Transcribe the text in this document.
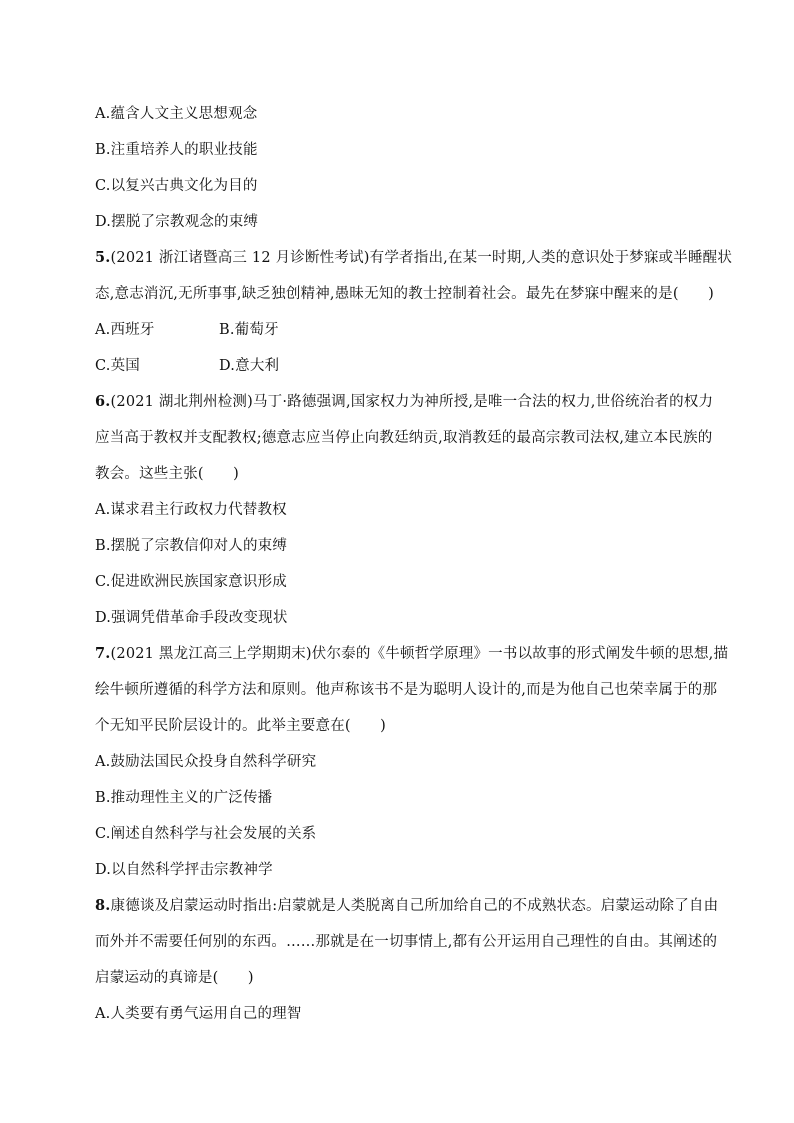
A.蕴含人文主义思想观念
B.注重培养人的职业技能
C.以复兴古典文化为目的
D.摆脱了宗教观念的束缚
5.(2021 浙江诸暨高三 12 月诊断性考试)有学者指出,在某一时期,人类的意识处于梦寐或半睡醒状
态,意志消沉,无所事事,缺乏独创精神,愚昧无知的教士控制着社会。最先在梦寐中醒来的是(　　)
A.西班牙	B.葡萄牙
C.英国	D.意大利
6.(2021 湖北荆州检测)马丁·路德强调,国家权力为神所授,是唯一合法的权力,世俗统治者的权力
应当高于教权并支配教权;德意志应当停止向教廷纳贡,取消教廷的最高宗教司法权,建立本民族的
教会。这些主张(　　)
A.谋求君主行政权力代替教权
B.摆脱了宗教信仰对人的束缚
C.促进欧洲民族国家意识形成
D.强调凭借革命手段改变现状
7.(2021 黑龙江高三上学期期末)伏尔泰的《牛顿哲学原理》一书以故事的形式阐发牛顿的思想,描
绘牛顿所遵循的科学方法和原则。他声称该书不是为聪明人设计的,而是为他自己也荣幸属于的那
个无知平民阶层设计的。此举主要意在(　　)
A.鼓励法国民众投身自然科学研究
B.推动理性主义的广泛传播
C.阐述自然科学与社会发展的关系
D.以自然科学抨击宗教神学
8.康德谈及启蒙运动时指出:启蒙就是人类脱离自己所加给自己的不成熟状态。启蒙运动除了自由
而外并不需要任何别的东西。……那就是在一切事情上,都有公开运用自己理性的自由。其阐述的
启蒙运动的真谛是(　　)
A.人类要有勇气运用自己的理智
